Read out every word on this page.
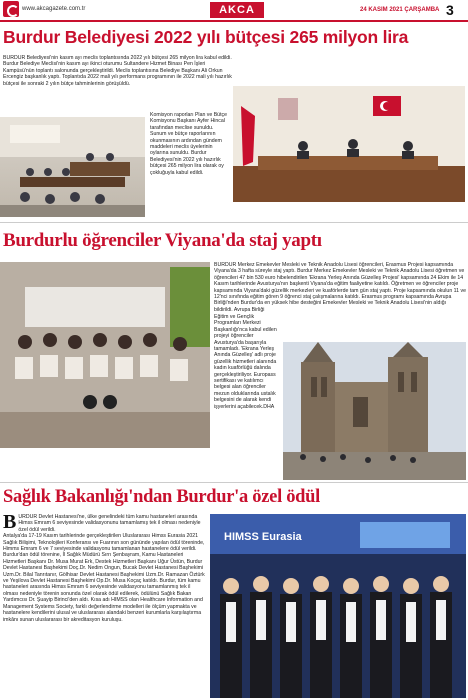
www.akcagazete.com.tr	AKCA	24 KASIM 2021 ÇARŞAMBA 3
Burdur Belediyesi 2022 yılı bütçesi 265 milyon lira
BURDUR Belediyesi'nin kasım ayı meclis toplantısında 2022 yılı bütçesi 265 milyon lira kabul edildi. Burdur Belediye Meclisi'nin kasım ayı ikinci oturumu Sultandere Hizmet Binası Pen İşleri Kampüsü'nün toplantı salonunda gerçekleştirildi. Meclis toplantısına Belediye Başkanı Ali Orkun Ercengiz başkanlık yaptı. Toplantıda 2022 mali yılı performans programının ile 2022 mali yılı hazırlık bütçesi ile sonraki 2 yılın bütçe tahminlerinin görüşüldü.
Komisyon raporları Plan ve Bütçe Komisyonu Başkanı Ayfer Hincal tarafından meclise sunuldu. Sunum ve bütçe raporlarının okunmasının ardından gündem maddeleri meclis üyelerinin oylarına sunuldu. Burdur Belediyesi'nin 2022 yılı hazırlık bütçesi 265 milyon lira olarak oy çokluğuyla kabul edildi.
Burdurlu öğrenciler Viyana'da staj yaptı
BURDUR Merkez Emekevler Mesleki ve Teknik Anadolu Lisesi öğrencileri, Erasmus Projesi kapsamında Viyana'da 3 hafta süreyle staj yaptı. Burdur Merkez Emekevler Mesleki ve Teknik Anadolu Lisesi öğretmen ve öğrencileri 47 bin 530 euro hibelendirilen 'Ekrana Yerleş Anında Güzelleş Projesi' kapsamında 24 Ekim ile 14 Kasım tarihlerinde Avusturya'nın başkenti Viyana'da eğitim faaliyetine katıldı. Öğretmen ve öğrenciler proje kapsamında Viyana'daki güzellik merkezleri ve kuaförlerde tam gün staj yaptı. Proje kapsamında okulun 11 ve 12'nci sınıfında eğitim gören 9 öğrenci staj çalışmalarına katıldı. Erasmus programı kapsamında Avrupa Birliği'nden Burdur'da en yüksek hibe desteğini Emekevler Mesleki ve Teknik Anadolu Lisesi'nin aldığı bildirildi. Avrupa Birliği
Eğitim ve Gençlik Programları Merkezi Başkanlığı'nca kabul edilen projeyi öğrenciler Avusturya'da başarıyla tamamladı. 'Ekrana Yerleş Anında Güzelleş' adlı proje güzellik hizmetleri alanında kadın kuaförlüğü dalında gerçekleştiriliyor. Europass sertifikası ve katılımcı belgesi alan öğrenciler mezun olduklarında ustalık belgesini de alarak kendi işyerlerini açabilecek.DHA
Sağlık Bakanlığı'ndan Burdur'a özel ödül
BURDUR Devlet Hastanesi'ne, ülke genelindeki tüm kamu hastaneleri arasında Himss Emram 6 seviyesinde validasyonunu tamamlamış tek il olması nedeniyle özel ödül verildi.
Antalya'da 17-19 Kasım tarihlerinde gerçekleştirilen Uluslararası Himss Eurasia 2021 Sağlık Bilişimi, Teknolojileri Konferansı ve Fuarının son gününde yapılan ödül töreninde, Himms Emram 6 ve 7 seviyesinde validasyonu tamamlanan hastanelere ödül verildi. Burdur'dan ödül törenine, İl Sağlık Müdürü Sırrı Şenbayram, Kamu Hastaneleri Hizmetleri Başkanı Dr. Musa Murat Erk, Destek Hizmetleri Başkanı Uğur Üstün, Burdur Devlet Hastanesi Başhekimi Doç.Dr. Nedim Ongun, Bucak Devlet Hastanesi Başhekimi Uzm.Dr. Bilal Tanrıtanır, Gölhisar Devlet Hastanesi Başhekimi Uzm.Dr. Ramazan Öztürk ve Yeşilova Devlet Hastanesi Başhekimi Op.Dr. Musa Koçaç katıldı. Burdur, tüm kamu hastaneleri arasında Himss Emram 6 seviyesinde validasyonu tamamlanmış tek il olması nedeniyle törenin sonunda özel olarak ödül edilerek, ödülünü Sağlık Bakan Yardımcısı Dr. Şuayip Birinci'den aldı. Kısa adı HIMSS olan Healthcare Information and Management Systems Society, farklı değerlendirme modelleri ile ölçüm yapmakta ve hastanelere kendilerini ulusal ve uluslararası alandaki benzeri kurumlarla karşılaştırma imkânı sunan uluslararası bir akreditasyon kuruluşu.
HIMSS Eurasia
